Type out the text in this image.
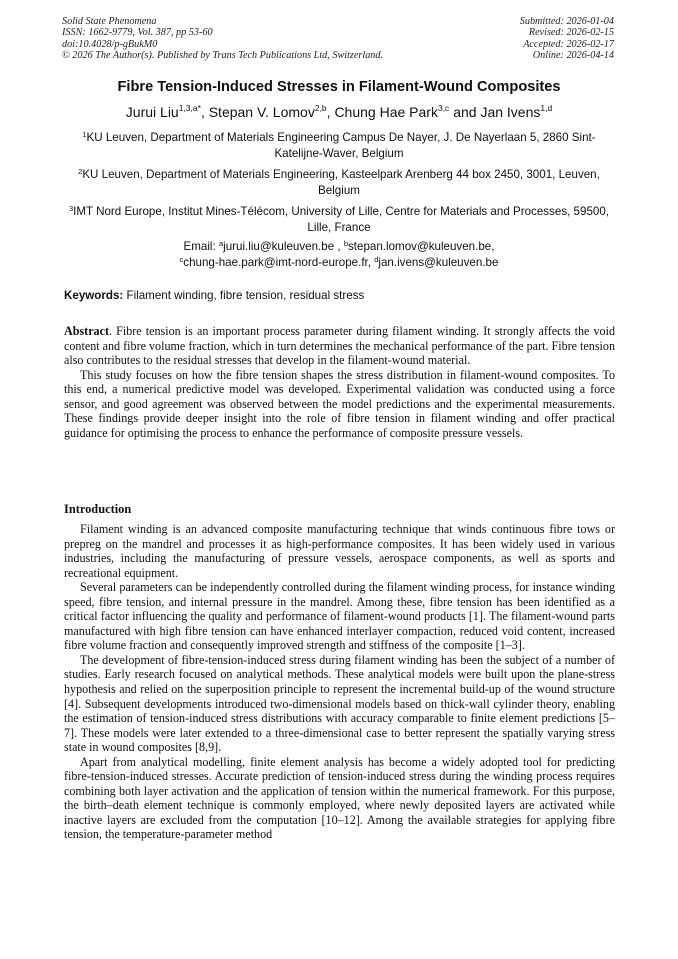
Solid State Phenomena
ISSN: 1662-9779, Vol. 387, pp 53-60
doi:10.4028/p-gBukM0
© 2026 The Author(s). Published by Trans Tech Publications Ltd, Switzerland.
Submitted: 2026-01-04
Revised: 2026-02-15
Accepted: 2026-02-17
Online: 2026-04-14
Fibre Tension-Induced Stresses in Filament-Wound Composites
Jurui Liu$^{1,3,a*}$, Stepan V. Lomov$^{2,b}$, Chung Hae Park$^{3,c}$ and Jan Ivens$^{1,d}$
$^1$KU Leuven, Department of Materials Engineering Campus De Nayer, J. De Nayerlaan 5, 2860 Sint-Katelijne-Waver, Belgium
$^2$KU Leuven, Department of Materials Engineering, Kasteelpark Arenberg 44 box 2450, 3001, Leuven, Belgium
$^3$IMT Nord Europe, Institut Mines-Télécom, University of Lille, Centre for Materials and Processes, 59500, Lille, France
Email: $^a$jurui.liu@kuleuven.be , $^b$stepan.lomov@kuleuven.be,
$^c$chung-hae.park@imt-nord-europe.fr, $^d$jan.ivens@kuleuven.be
Keywords: Filament winding, fibre tension, residual stress

Abstract. Fibre tension is an important process parameter during filament winding. It strongly affects the void content and fibre volume fraction, which in turn determines the mechanical performance of the part. Fibre tension also contributes to the residual stresses that develop in the filament-wound material.

This study focuses on how the fibre tension shapes the stress distribution in filament-wound composites. To this end, a numerical predictive model was developed. Experimental validation was conducted using a force sensor, and good agreement was observed between the model predictions and the experimental measurements. These findings provide deeper insight into the role of fibre tension in filament winding and offer practical guidance for optimising the process to enhance the performance of composite pressure vessels.

Introduction

Filament winding is an advanced composite manufacturing technique that winds continuous fibre tows or prepreg on the mandrel and processes it as high-performance composites. It has been widely used in various industries, including the manufacturing of pressure vessels, aerospace components, as well as sports and recreational equipment.

Several parameters can be independently controlled during the filament winding process, for instance winding speed, fibre tension, and internal pressure in the mandrel. Among these, fibre tension has been identified as a critical factor influencing the quality and performance of filament-wound products [1]. The filament-wound parts manufactured with high fibre tension can have enhanced interlayer compaction, reduced void content, increased fibre volume fraction and consequently improved strength and stiffness of the composite [1–3].

The development of fibre-tension-induced stress during filament winding has been the subject of a number of studies. Early research focused on analytical methods. These analytical models were built upon the plane-stress hypothesis and relied on the superposition principle to represent the incremental build-up of the wound structure [4]. Subsequent developments introduced two-dimensional models based on thick-wall cylinder theory, enabling the estimation of tension-induced stress distributions with accuracy comparable to finite element predictions [5–7]. These models were later extended to a three-dimensional case to better represent the spatially varying stress state in wound composites [8,9].

Apart from analytical modelling, finite element analysis has become a widely adopted tool for predicting fibre-tension-induced stresses. Accurate prediction of tension-induced stress during the winding process requires combining both layer activation and the application of tension within the numerical framework. For this purpose, the birth–death element technique is commonly employed, where newly deposited layers are activated while inactive layers are excluded from the computation [10–12]. Among the available strategies for applying fibre tension, the temperature-parameter method
